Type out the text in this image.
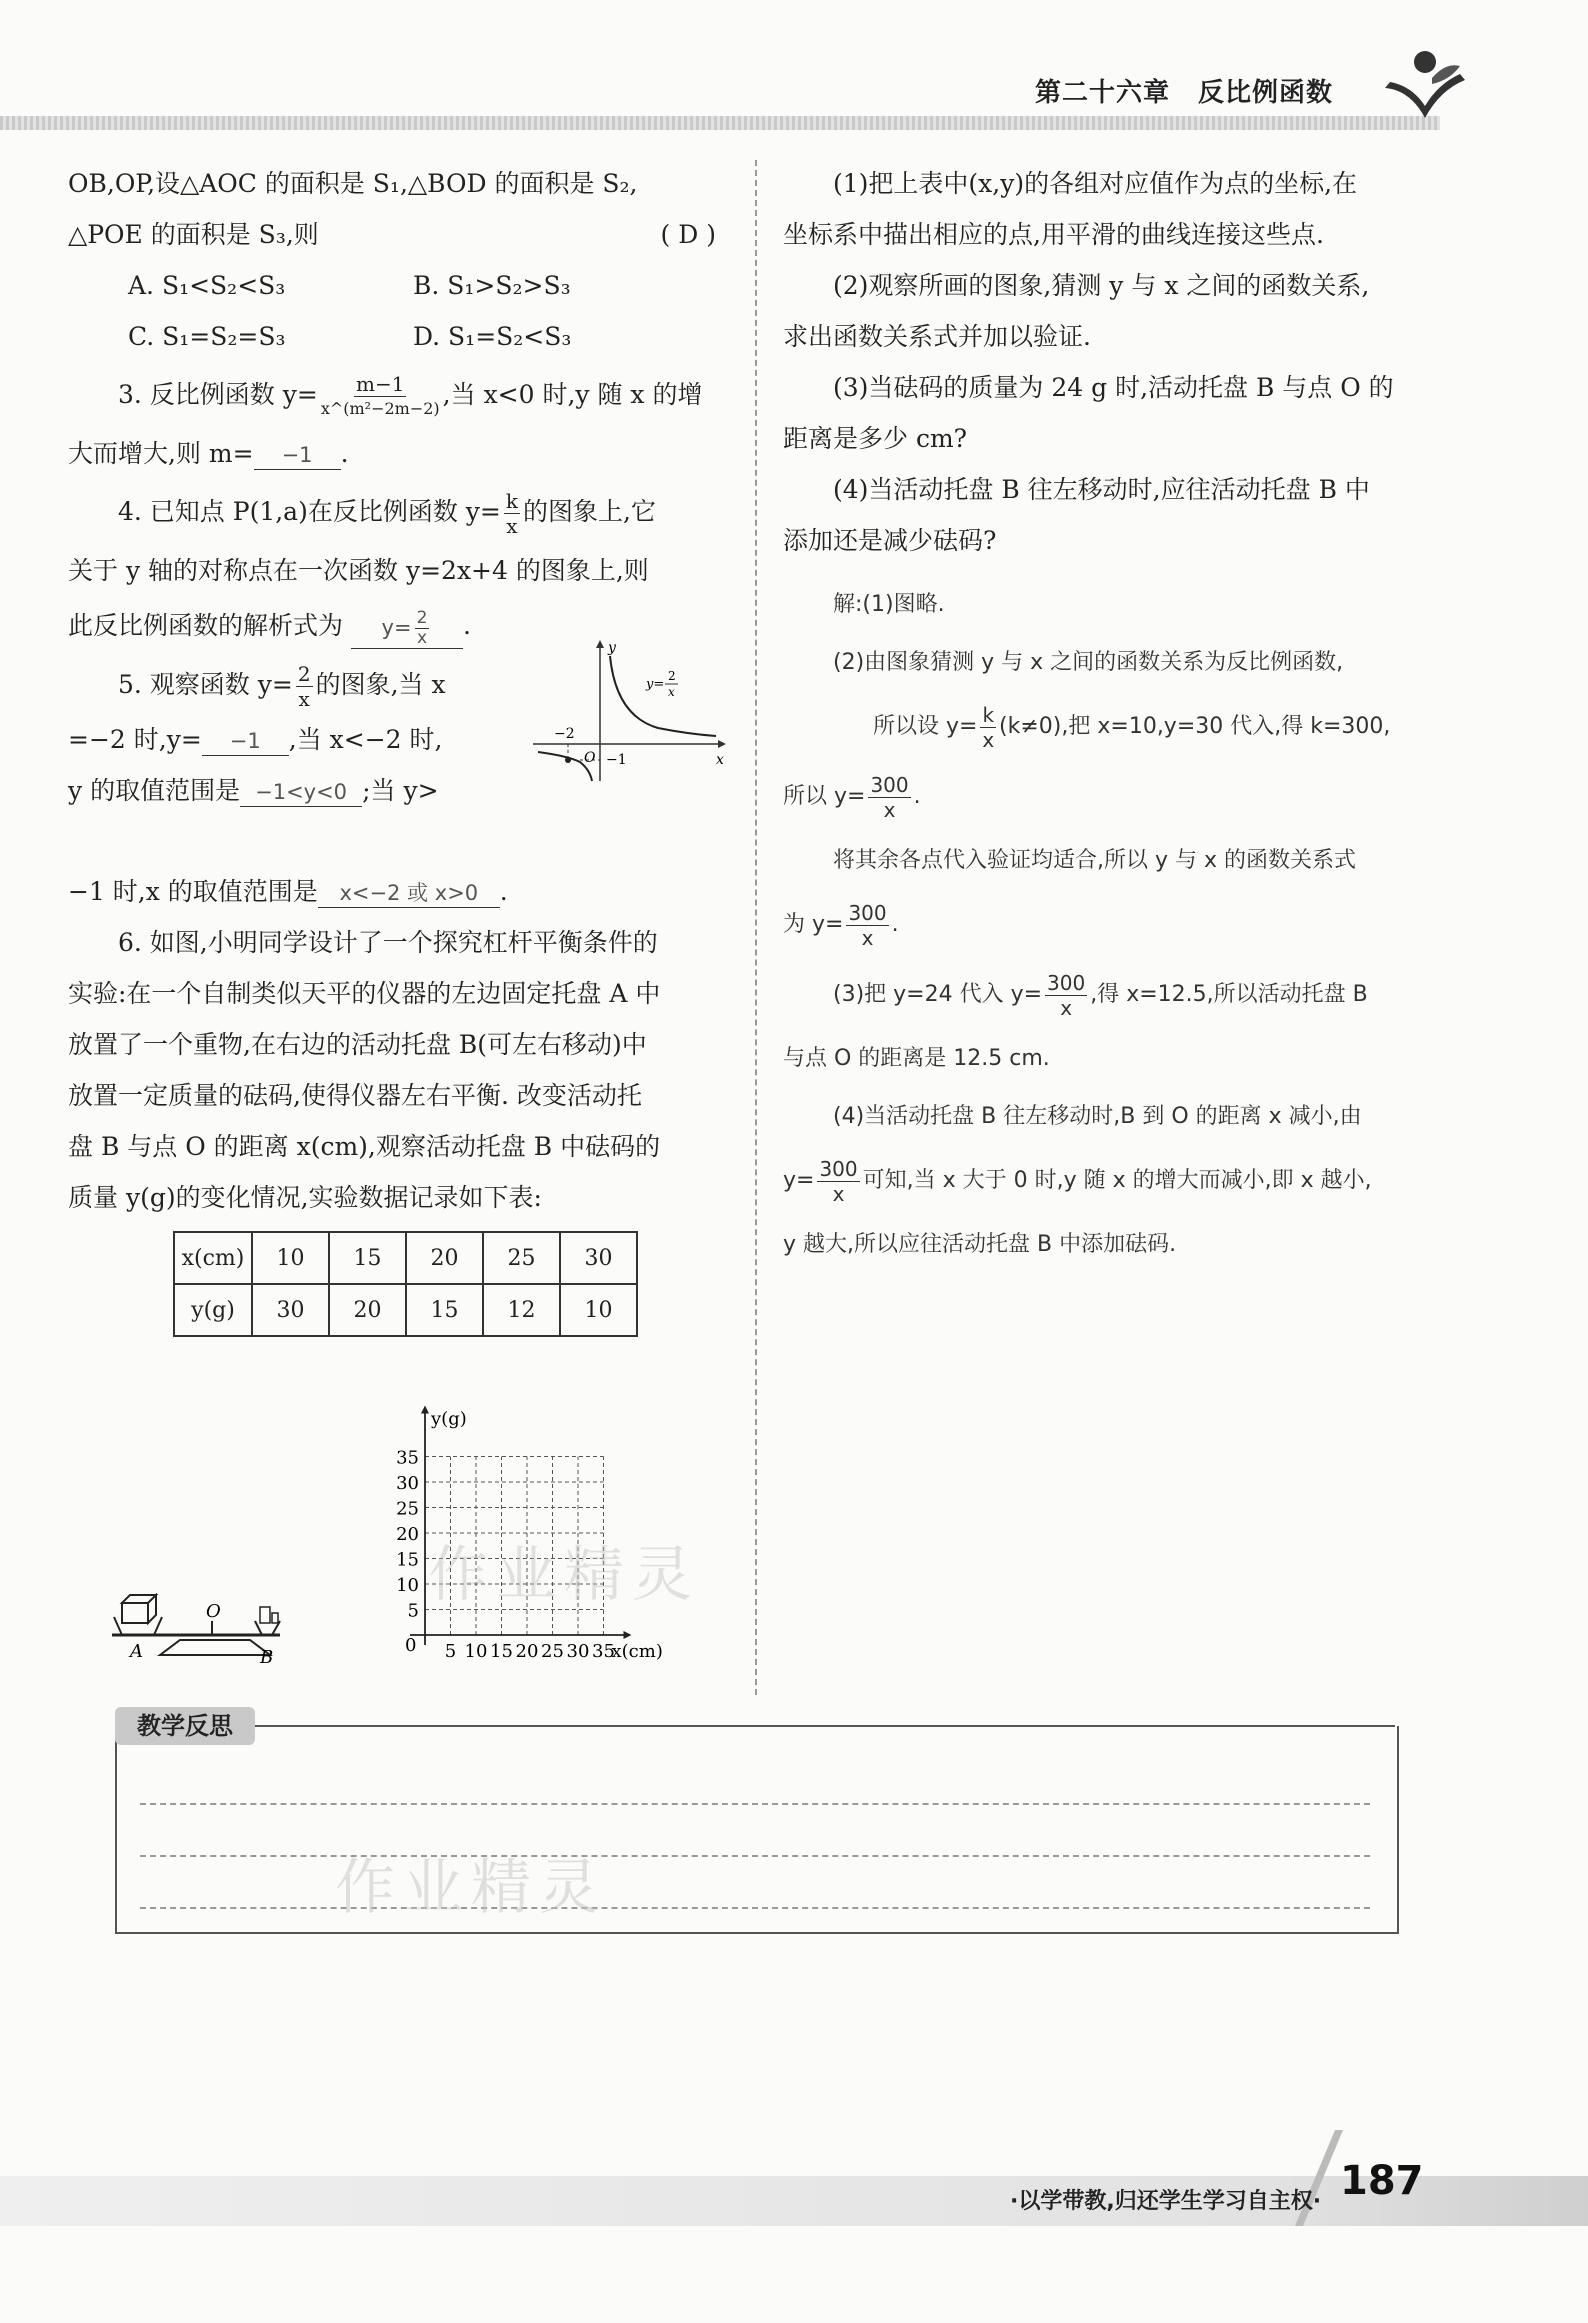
第二十六章 反比例函数

OB,OP,设△AOC 的面积是 S₁,△BOD 的面积是 S₂,

△POE 的面积是 S₃,则	( D )

A. S₁<S₂<S₃	B. S₁>S₂>S₃

C. S₁=S₂=S₃	D. S₁=S₂<S₃

3. 反比例函数 $y= \frac{m-1}{\text{x\textasciicircum{}(m²−2m−2)}}$ ,当 x<0 时,y 随 x 的增

大而增大,则 m= −1 .

4. 已知点 P(1,a)在反比例函数 $y= \frac{k}{x}$ 的图象上,它

关于 y 轴的对称点在一次函数 y=2x+4 的图象上,则

此反比例函数的解析式为 $y= \frac{2}{x}$ .

5. 观察函数 $y= \frac{2}{x}$ 的图象,当 x

=−2 时,y= −1 ,当 x<−2 时,

y 的取值范围是 −1<y<0 ;当 y>

y
x
O
−2
−1
y=
2
x

−1 时,x 的取值范围是 x<−2 或 x>0 .

6. 如图,小明同学设计了一个探究杠杆平衡条件的

实验:在一个自制类似天平的仪器的左边固定托盘 A 中

放置了一个重物,在右边的活动托盘 B(可左右移动)中

放置一定质量的砝码,使得仪器左右平衡. 改变活动托

盘 B 与点 O 的距离 x(cm),观察活动托盘 B 中砝码的

质量 y(g)的变化情况,实验数据记录如下表:

x(cm)	10	15	20	25	30
y(g)	30	20	15	12	10
35
30
25
20
15
10
5
5 10 15 20 25 30 35
0
y(g)
x(cm)
A
O
B
作业精灵

(1)把上表中(x,y)的各组对应值作为点的坐标,在

坐标系中描出相应的点,用平滑的曲线连接这些点.

(2)观察所画的图象,猜测 y 与 x 之间的函数关系,

求出函数关系式并加以验证.

(3)当砝码的质量为 24 g 时,活动托盘 B 与点 O 的

距离是多少 cm?

(4)当活动托盘 B 往左移动时,应往活动托盘 B 中

添加还是减少砝码?

解:(1)图略.

(2)由图象猜测 y 与 x 之间的函数关系为反比例函数,

所以设 $y= \frac{k}{x} (k\ne 0)$,把 x=10,y=30 代入,得 k=300,

所以 $y= \frac{300}{x}$ .

将其余各点代入验证均适合,所以 y 与 x 的函数关系式

为 $y= \frac{300}{x}$ .

(3)把 y=24 代入 $y= \frac{300}{x}$ ,得 x=12.5,所以活动托盘 B

与点 O 的距离是 12.5 cm.

(4)当活动托盘 B 往左移动时,B 到 O 的距离 x 减小,由

$y= \frac{300}{x}$ 可知,当 x 大于 0 时,y 随 x 的增大而减小,即 x 越小,

y 越大,所以应往活动托盘 B 中添加砝码.

教学反思
作业精灵
·以学带教,归还学生学习自主权· 187
